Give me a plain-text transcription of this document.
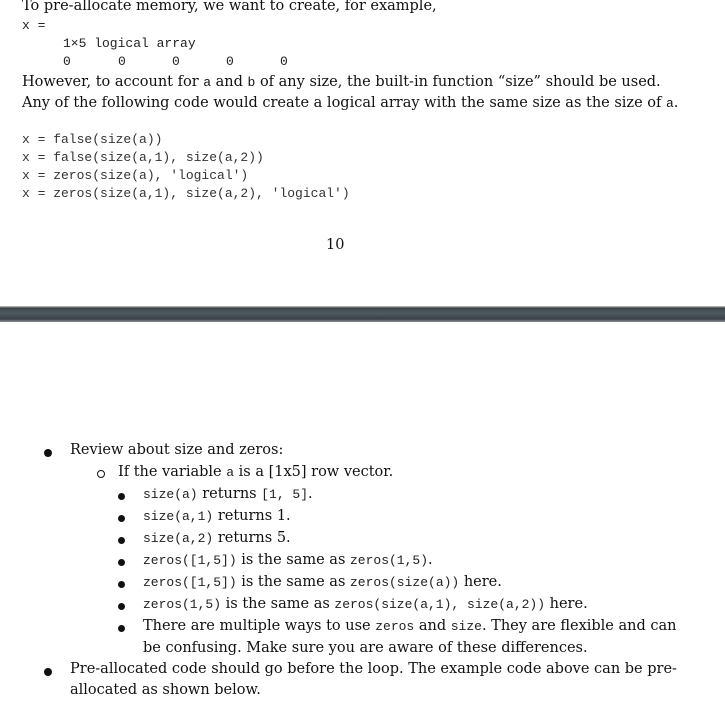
To pre-allocate memory, we want to create, for example,
x =
1×5 logical array
0	0	0	0	0
However, to account for a and b of any size, the built-in function “size” should be used. Any of the following code would create a logical array with the same size as the size of a.
x = false(size(a))
x = false(size(a,1), size(a,2))
x = zeros(size(a), 'logical')
x = zeros(size(a,1), size(a,2), 'logical')
10
Review about size and zeros:
If the variable a is a [1x5] row vector.
size(a) returns [1, 5].
size(a,1) returns 1.
size(a,2) returns 5.
zeros([1,5]) is the same as zeros(1,5).
zeros([1,5]) is the same as zeros(size(a)) here.
zeros(1,5) is the same as zeros(size(a,1), size(a,2)) here.
There are multiple ways to use zeros and size. They are flexible and can
be confusing. Make sure you are aware of these differences.
Pre-allocated code should go before the loop. The example code above can be pre-
allocated as shown below.
